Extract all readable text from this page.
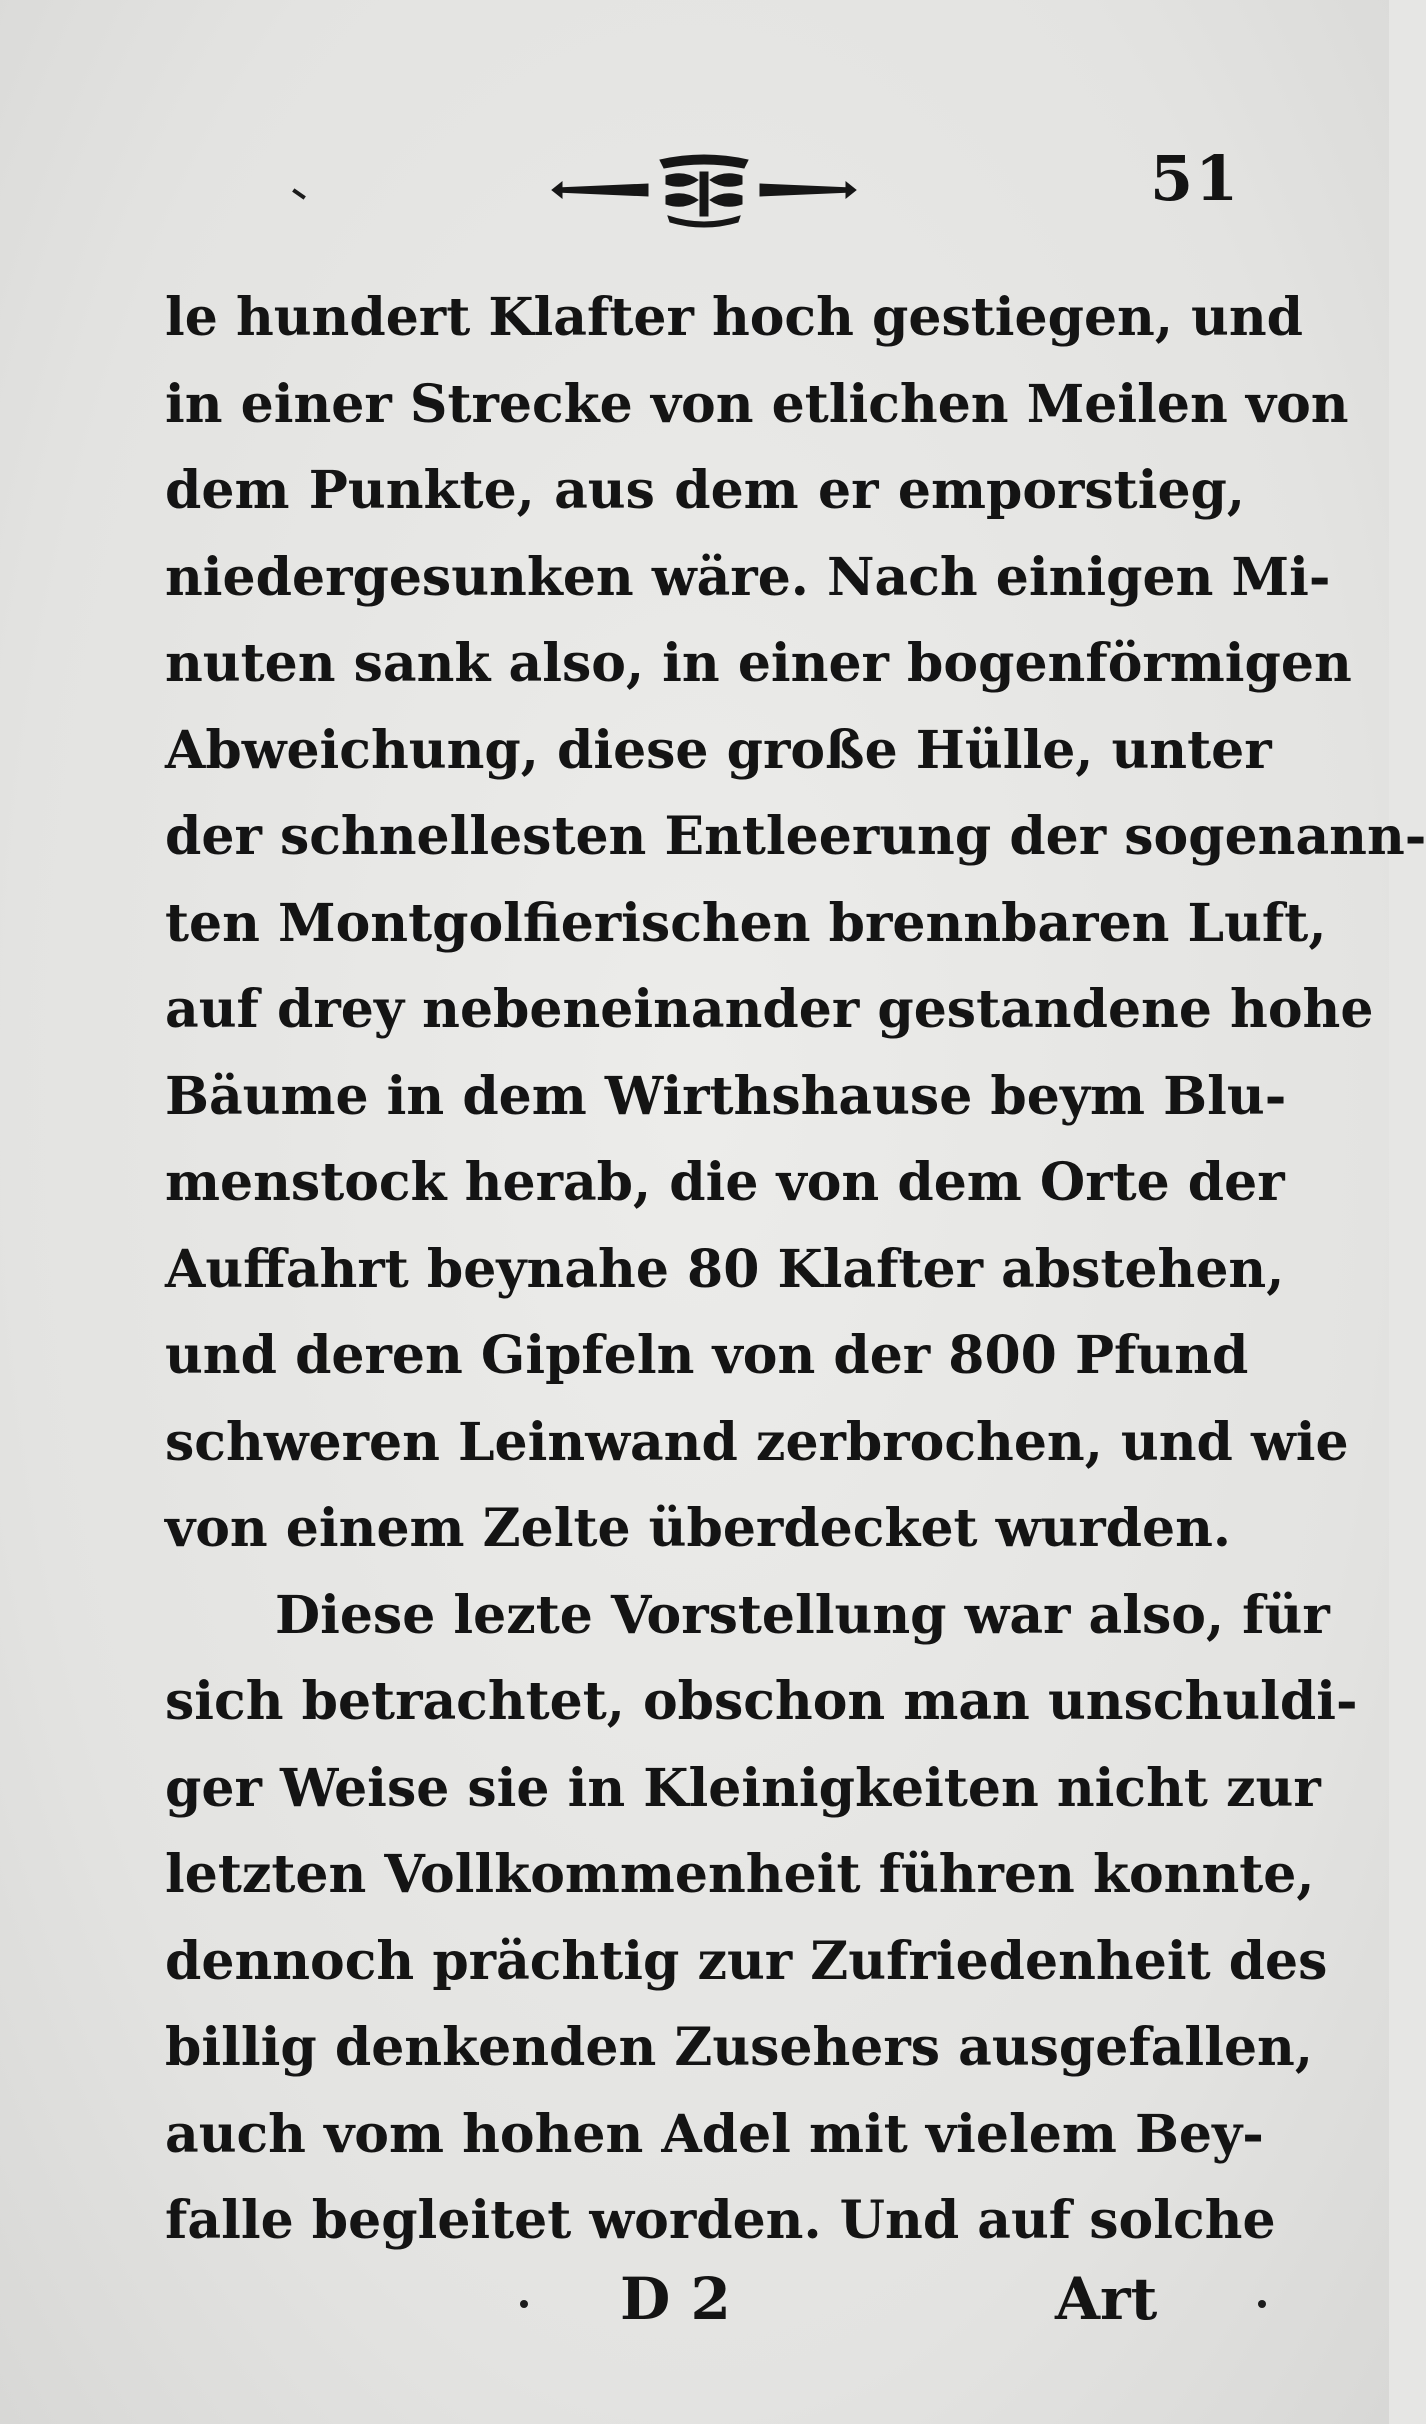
51
le hundert Klafter hoch gestiegen, und
in einer Strecke von etlichen Meilen von
dem Punkte, aus dem er emporstieg,
niedergesunken wäre. Nach einigen Mi-
nuten sank also, in einer bogenförmigen
Abweichung, diese große Hülle, unter
der schnellesten Entleerung der sogenann-
ten Montgolfierischen brennbaren Luft,
auf drey nebeneinander gestandene hohe
Bäume in dem Wirthshause beym Blu-
menstock herab, die von dem Orte der
Auffahrt beynahe 80 Klafter abstehen,
und deren Gipfeln von der 800 Pfund
schweren Leinwand zerbrochen, und wie
von einem Zelte überdecket wurden.
Diese lezte Vorstellung war also, für
sich betrachtet, obschon man unschuldi-
ger Weise sie in Kleinigkeiten nicht zur
letzten Vollkommenheit führen konnte,
dennoch prächtig zur Zufriedenheit des
billig denkenden Zusehers ausgefallen,
auch vom hohen Adel mit vielem Bey-
falle begleitet worden. Und auf solche
D 2	Art
